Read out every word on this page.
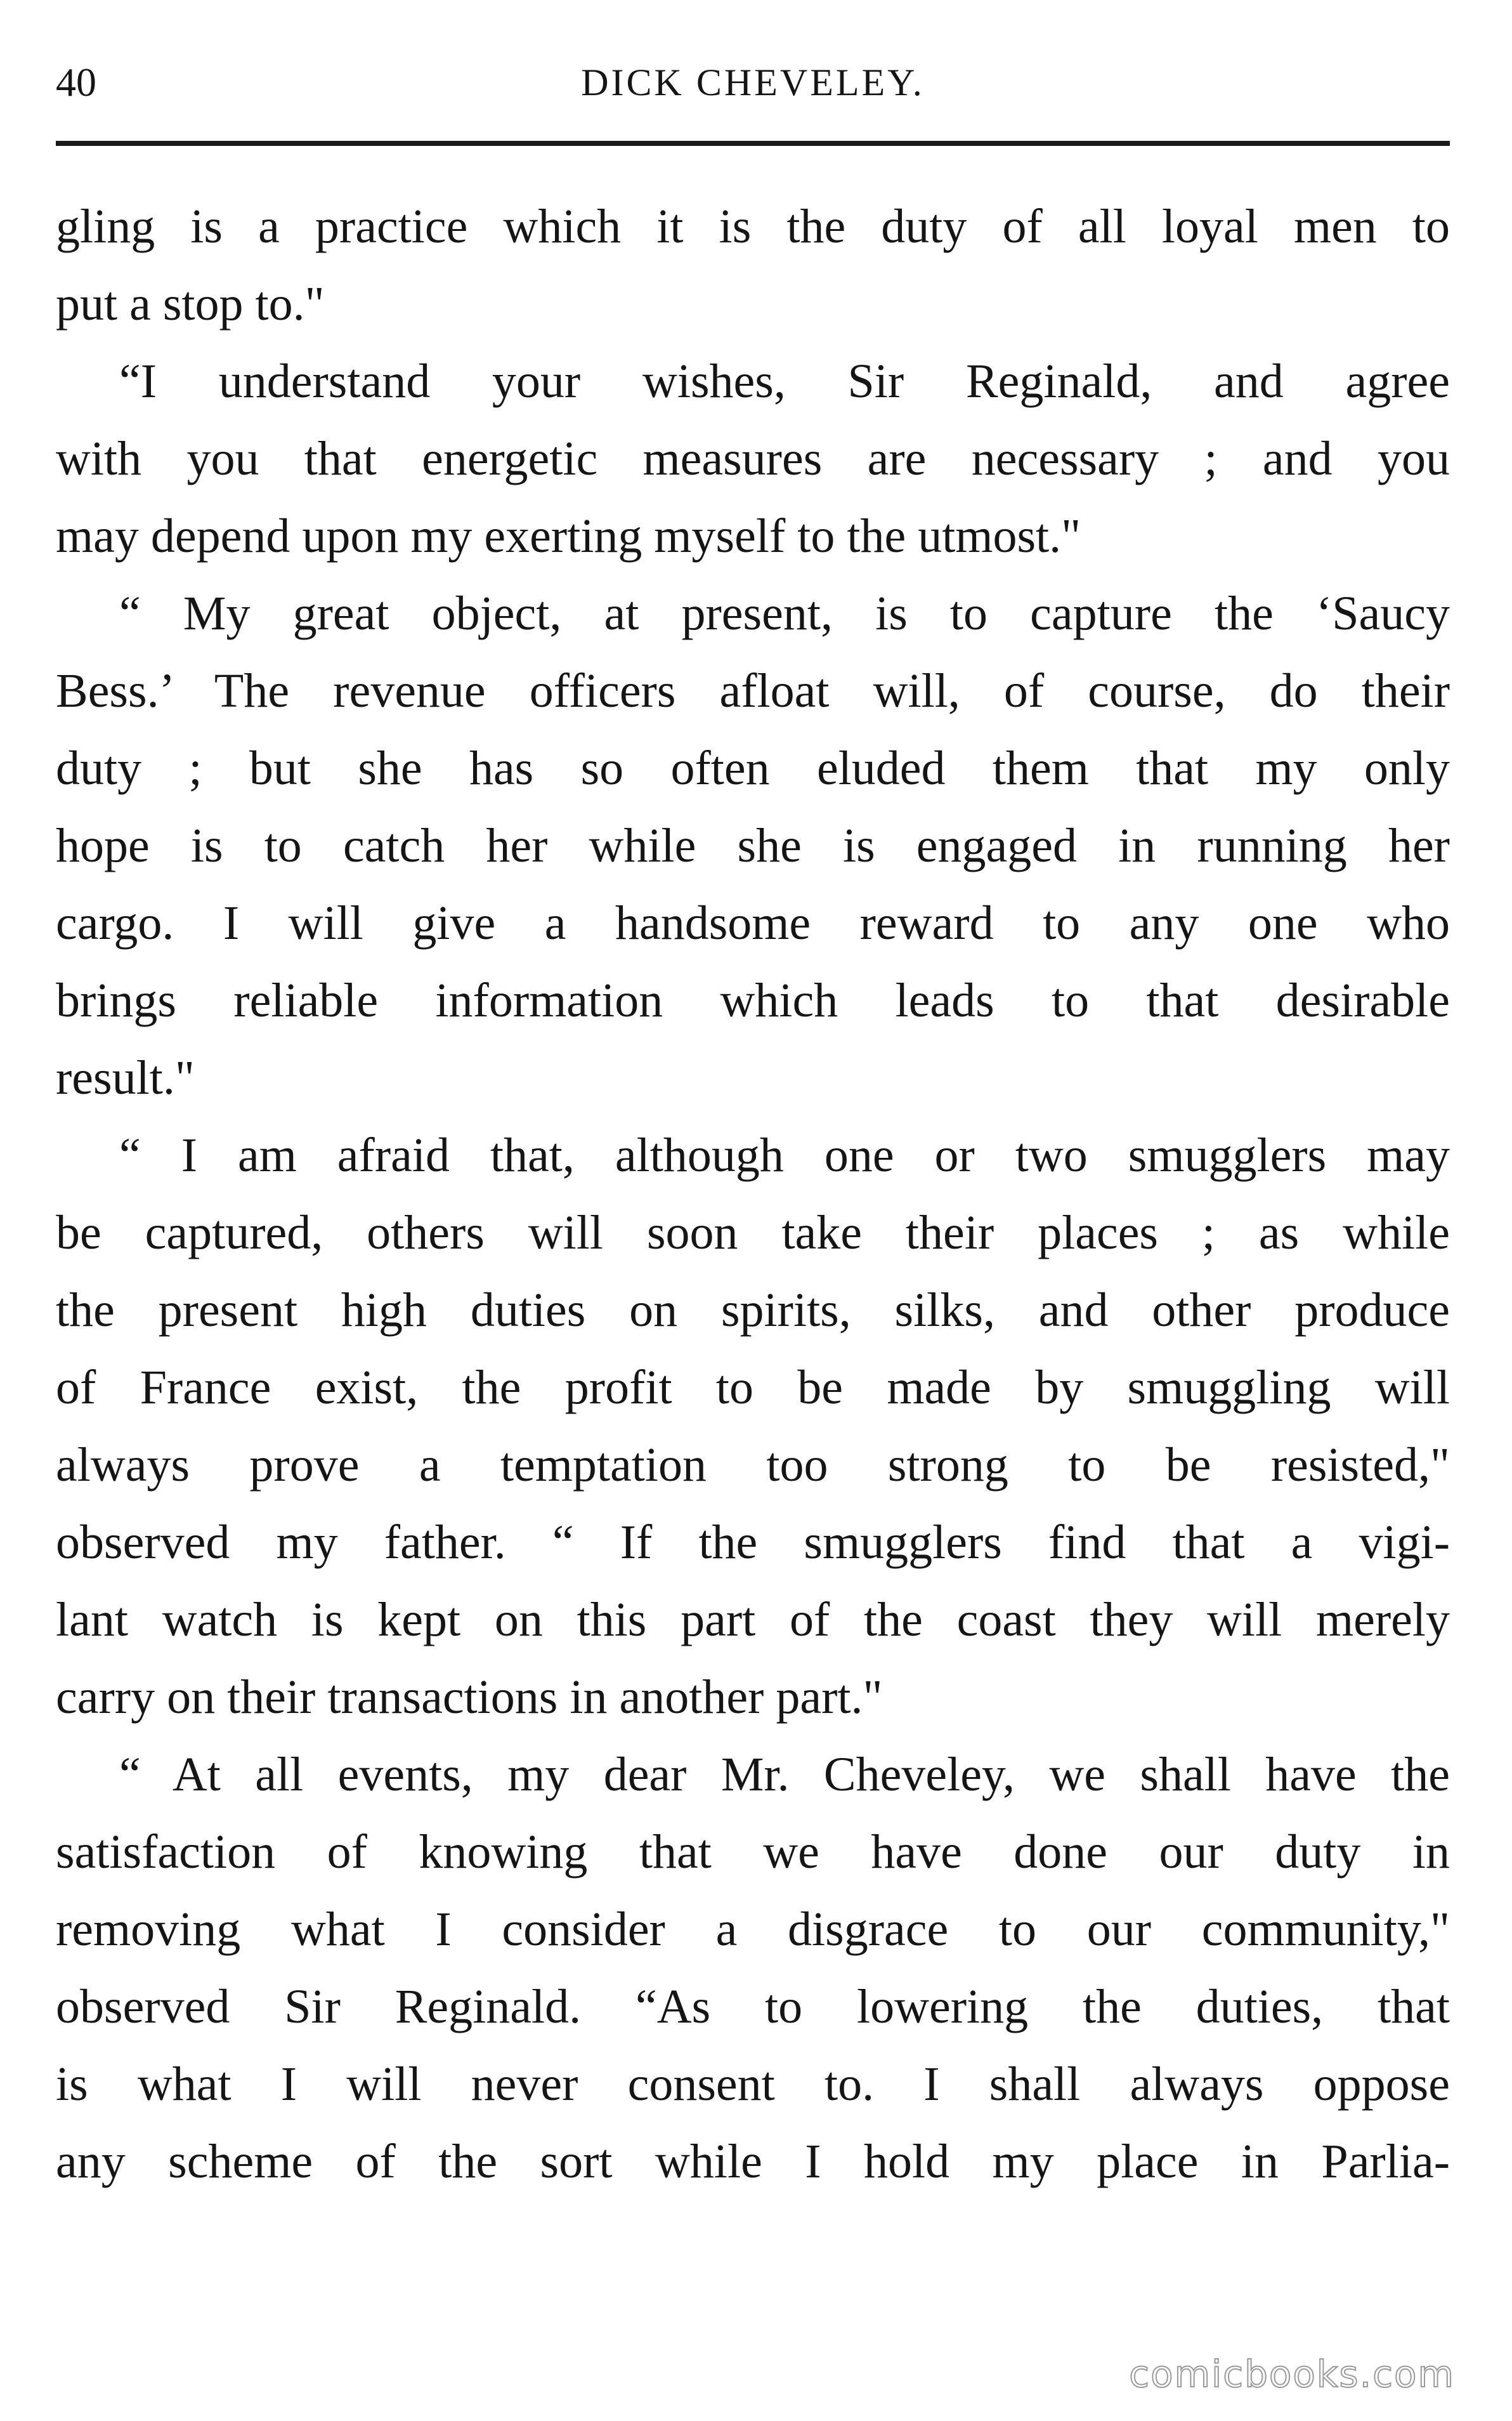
40	DICK CHEVELEY.
gling is a practice which it is the duty of all loyal men to
put a stop to."
“I understand your wishes, Sir Reginald, and agree
with you that energetic measures are necessary ; and you
may depend upon my exerting myself to the utmost."
“ My great object, at present, is to capture the ‘Saucy
Bess.’ The revenue officers afloat will, of course, do their
duty ; but she has so often eluded them that my only
hope is to catch her while she is engaged in running her
cargo. I will give a handsome reward to any one who
brings reliable information which leads to that desirable
result."
“ I am afraid that, although one or two smugglers may
be captured, others will soon take their places ; as while
the present high duties on spirits, silks, and other produce
of France exist, the profit to be made by smuggling will
always prove a temptation too strong to be resisted,"
observed my father. “ If the smugglers find that a vigi-
lant watch is kept on this part of the coast they will merely
carry on their transactions in another part."
“ At all events, my dear Mr. Cheveley, we shall have the
satisfaction of knowing that we have done our duty in
removing what I consider a disgrace to our community,"
observed Sir Reginald. “As to lowering the duties, that
is what I will never consent to. I shall always oppose
any scheme of the sort while I hold my place in Parlia-
comicbooks.com
